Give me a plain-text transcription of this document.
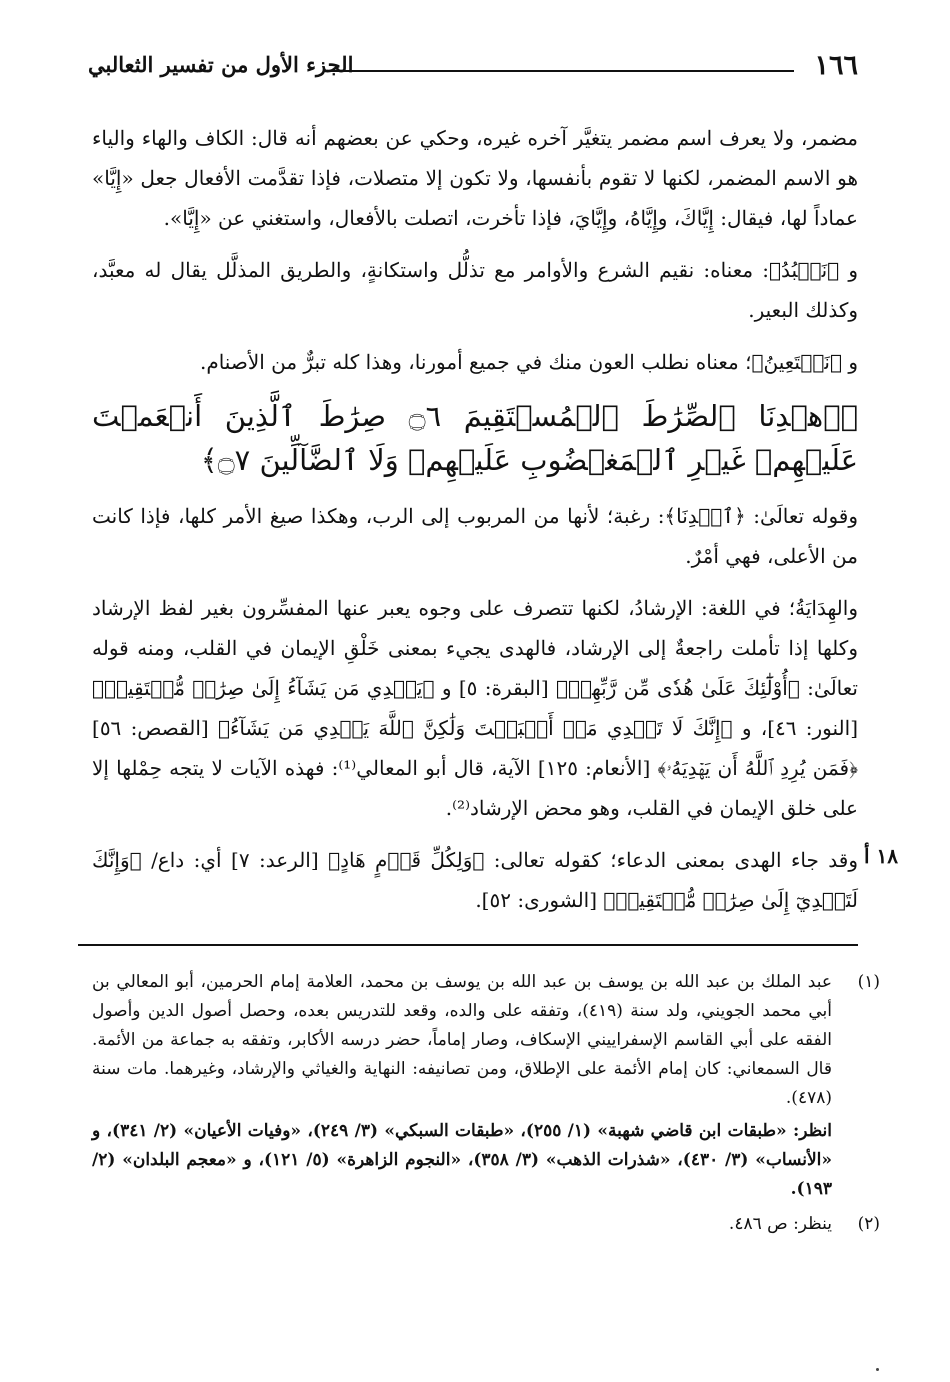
١٦٦
الجزء الأول من تفسير الثعالبي

مضمر، ولا يعرف اسم مضمر يتغيَّر آخره غيره، وحكي عن بعضهم أنه قال: الكاف والهاء والياء هو الاسم المضمر، لكنها لا تقوم بأنفسها، ولا تكون إلا متصلات، فإذا تقدَّمت الأفعال جعل «إِيَّا» عماداً لها، فيقال: إِيَّاكَ، وإِيَّاهُ، وإِيَّايَ، فإذا تأخرت، اتصلت بالأفعال، واستغني عن «إِيَّا».

و ﴿نَعۡبُدُ﴾: معناه: نقيم الشرع والأوامر مع تذلُّل واستكانةٍ، والطريق المذلَّل يقال له معبَّد، وكذلك البعير.

و ﴿نَسۡتَعِينُ﴾؛ معناه نطلب العون منك في جميع أمورنا، وهذا كله تبرٌّ من الأصنام.

﴿ٱهۡدِنَا ٱلصِّرَٰطَ ٱلۡمُسۡتَقِيمَ ۝٦ صِرَٰطَ ٱلَّذِينَ أَنۡعَمۡتَ عَلَيۡهِمۡ غَيۡرِ ٱلۡمَغۡضُوبِ عَلَيۡهِمۡ وَلَا ٱلضَّآلِّينَ ۝٧﴾

وقوله تعالَىٰ: ﴿ٱهۡدِنَا﴾: رغبة؛ لأنها من المربوب إلى الرب، وهكذا صيغ الأمر كلها، فإذا كانت من الأعلى، فهي أمْرٌ.

والهِدَايَةُ؛ في اللغة: الإرشادُ، لكنها تتصرف على وجوه يعبر عنها المفسِّرون بغير لفظ الإرشاد وكلها إذا تأملت راجعةٌ إلى الإرشاد، فالهدى يجيء بمعنى خَلْقِ الإيمان في القلب، ومنه قوله تعالَىٰ: ﴿أُوْلَٰٓئِكَ عَلَىٰ هُدٗى مِّن رَّبِّهِمۡ﴾ [البقرة: ٥] و ﴿يَهۡدِي مَن يَشَآءُ إِلَىٰ صِرَٰطٖ مُّسۡتَقِيمٖ﴾ [النور: ٤٦]، و ﴿إِنَّكَ لَا تَهۡدِي مَنۡ أَحۡبَبۡتَ وَلَٰكِنَّ ٱللَّهَ يَهۡدِي مَن يَشَآءُ﴾ [القصص: ٥٦] ﴿فَمَن يُرِدِ ٱللَّهُ أَن يَهۡدِيَهُۥ﴾ [الأنعام: ١٢٥] الآية، قال أبو المعالي⁽¹⁾: فهذه الآيات لا يتجه حِمْلها إلا على خلق الإيمان في القلب، وهو محض الإرشاد⁽²⁾.

١٨ أ

وقد جاء الهدى بمعنى الدعاء؛ كقوله تعالى: ﴿وَلِكُلِّ قَوۡمٍ هَادٍ﴾ [الرعد: ٧] أي: داع/ ﴿وَإِنَّكَ لَتَهۡدِيٓ إِلَىٰ صِرَٰطٖ مُّسۡتَقِيمٖ﴾ [الشورى: ٥٢].

(١)
عبد الملك بن عبد الله بن يوسف بن عبد الله بن يوسف بن محمد، العلامة إمام الحرمين، أبو المعالي بن أبي محمد الجويني، ولد سنة (٤١٩)، وتفقه على والده، وقعد للتدريس بعده، وحصل أصول الدين وأصول الفقه على أبي القاسم الإسفراييني الإسكاف، وصار إماماً، حضر درسه الأكابر، وتفقه به جماعة من الأئمة. قال السمعاني: كان إمام الأئمة على الإطلاق، ومن تصانيفه: النهاية والغياثي والإرشاد، وغيرهما. مات سنة (٤٧٨).

انظر: «طبقات ابن قاضي شهبة» (١/ ٢٥٥)، «طبقات السبكي» (٣/ ٢٤٩)، «وفيات الأعيان» (٢/ ٣٤١)، و «الأنساب» (٣/ ٤٣٠)، «شذرات الذهب» (٣/ ٣٥٨)، «النجوم الزاهرة» (٥/ ١٢١)، و «معجم البلدان» (٢/ ١٩٣).

(٢)
ينظر: ص ٤٨٦.
